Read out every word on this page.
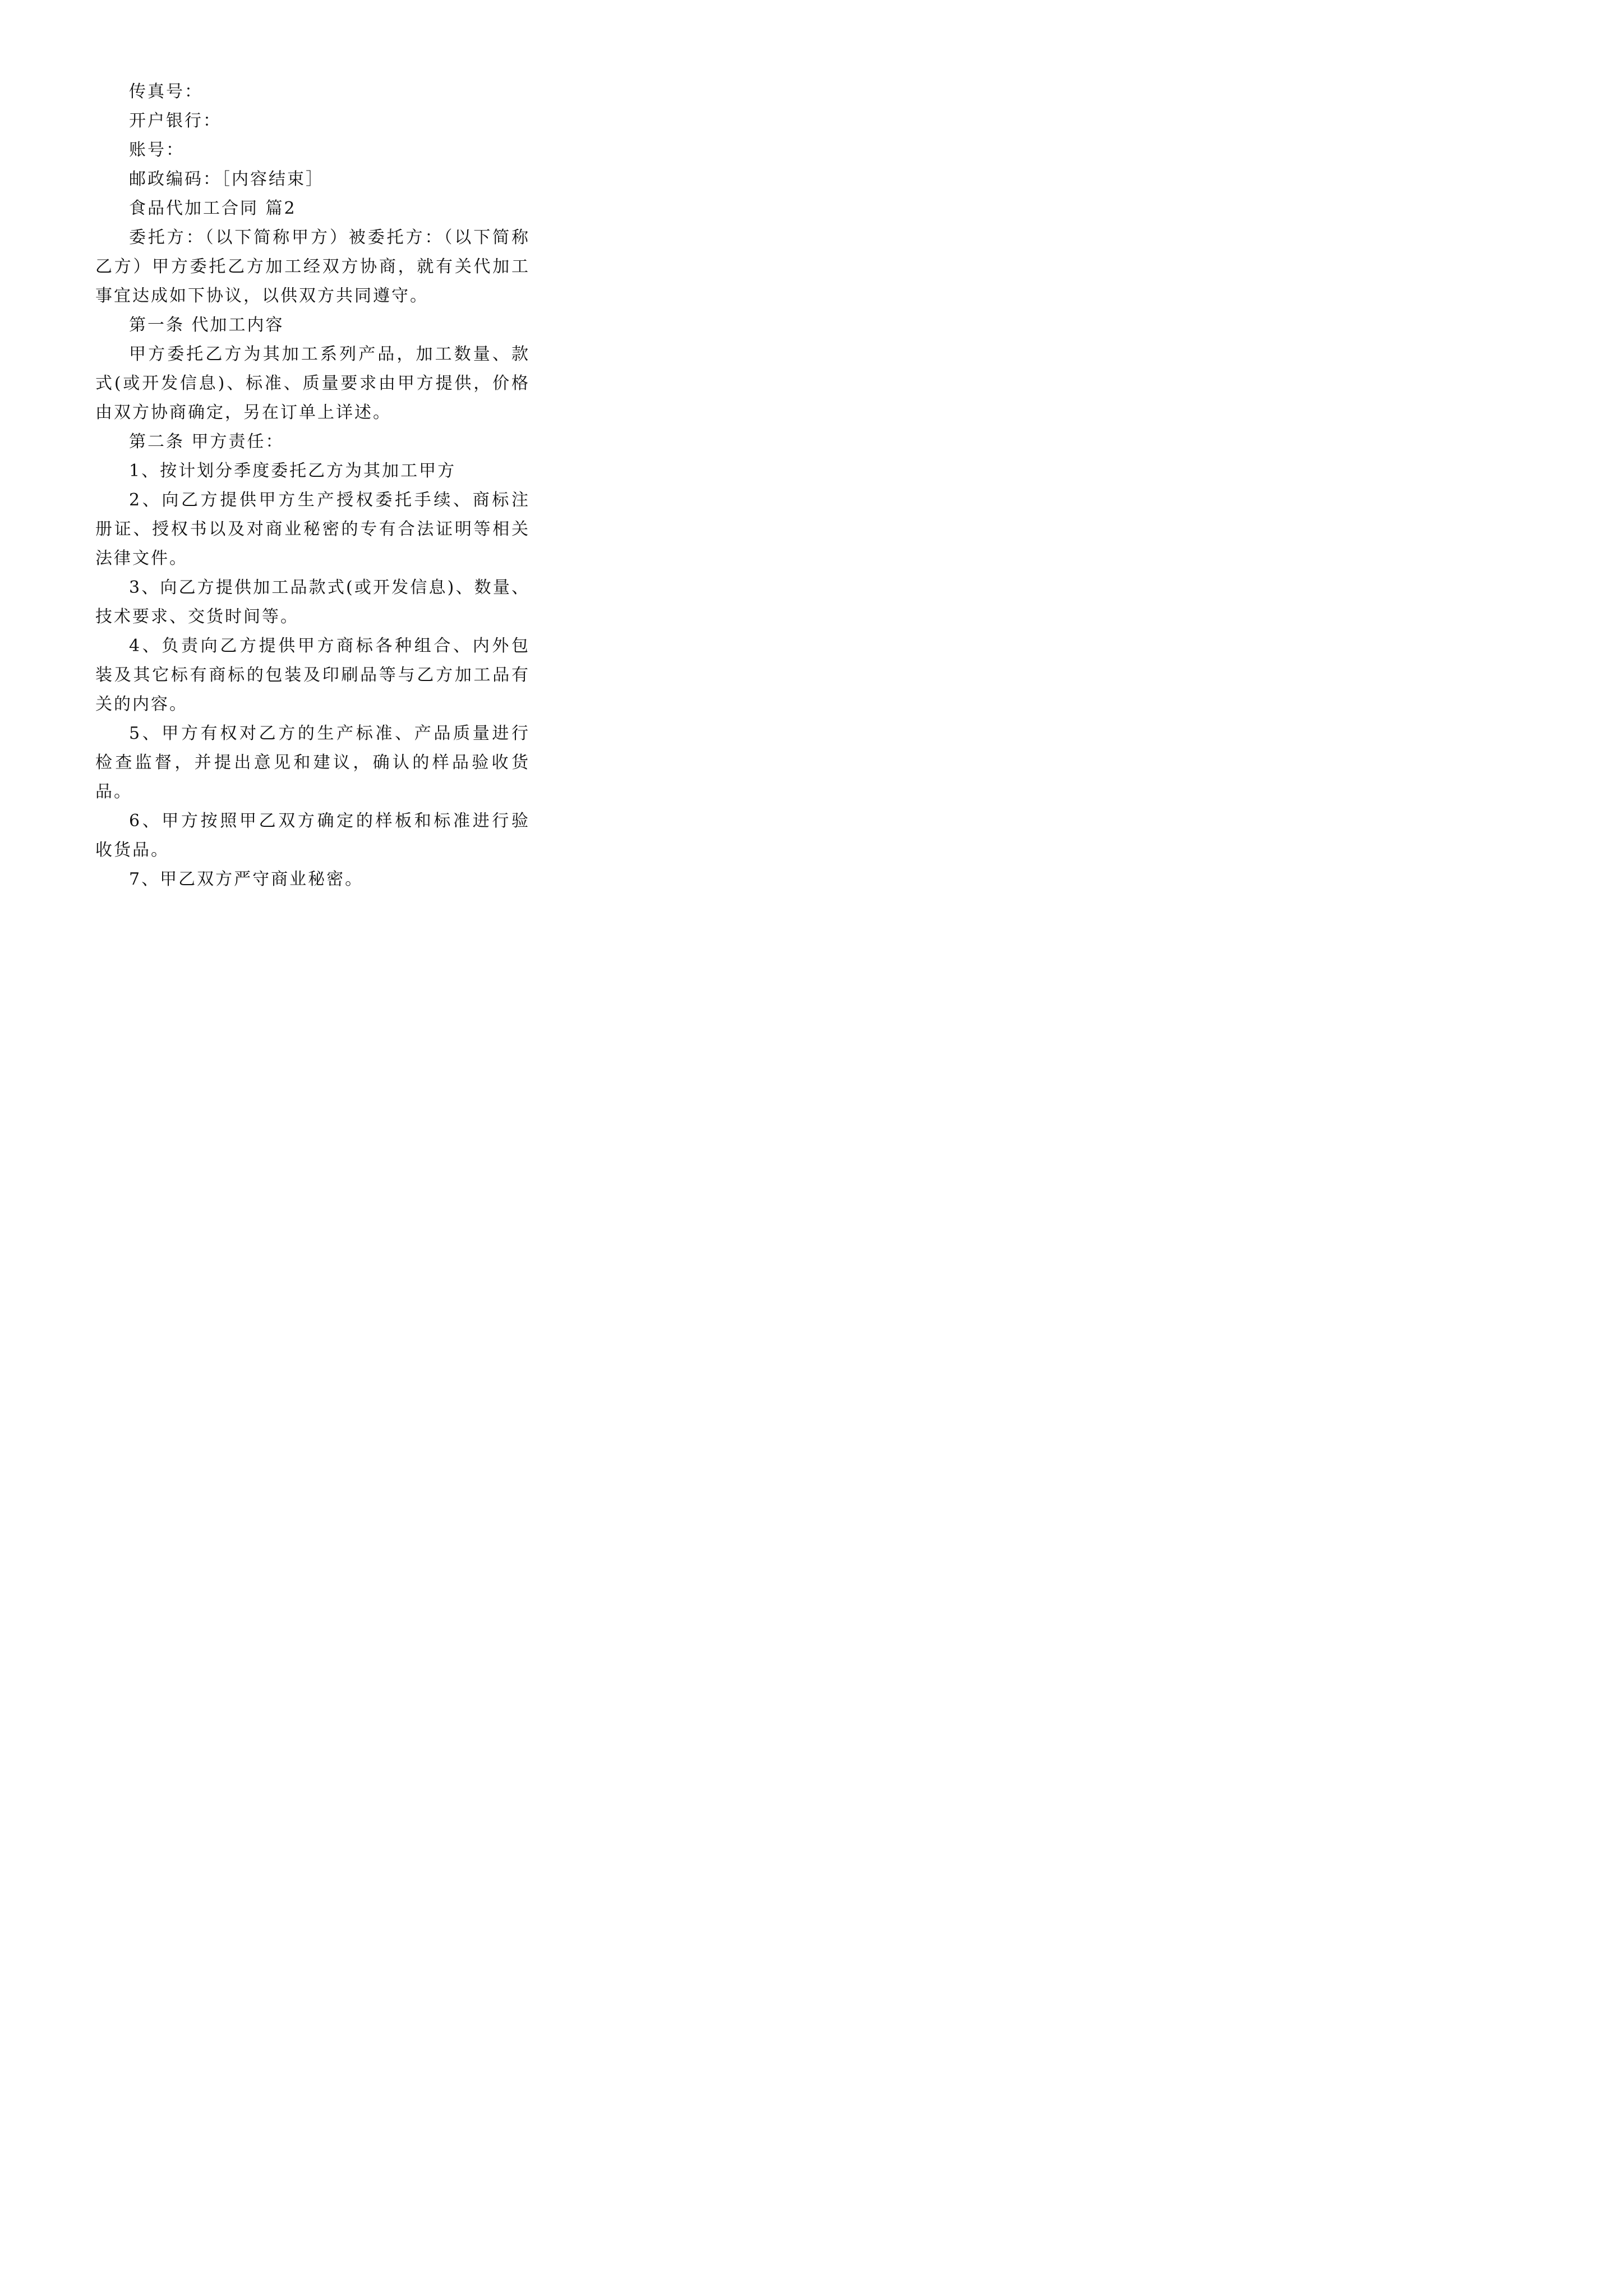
传真号：

开户银行：

账号：

邮政编码：［内容结束］

食品代加工合同 篇2

委托方：（以下简称甲方）被委托方：（以下简称乙方）甲方委托乙方加工经双方协商，就有关代加工事宜达成如下协议，以供双方共同遵守。

第一条 代加工内容

甲方委托乙方为其加工系列产品，加工数量、款式(或开发信息)、标准、质量要求由甲方提供，价格由双方协商确定，另在订单上详述。

第二条 甲方责任：

1、按计划分季度委托乙方为其加工甲方

2、向乙方提供甲方生产授权委托手续、商标注册证、授权书以及对商业秘密的专有合法证明等相关法律文件。

3、向乙方提供加工品款式(或开发信息)、数量、技术要求、交货时间等。

4、负责向乙方提供甲方商标各种组合、内外包装及其它标有商标的包装及印刷品等与乙方加工品有关的内容。

5、甲方有权对乙方的生产标准、产品质量进行检查监督，并提出意见和建议，确认的样品验收货品。

6、甲方按照甲乙双方确定的样板和标准进行验收货品。

7、甲乙双方严守商业秘密。
